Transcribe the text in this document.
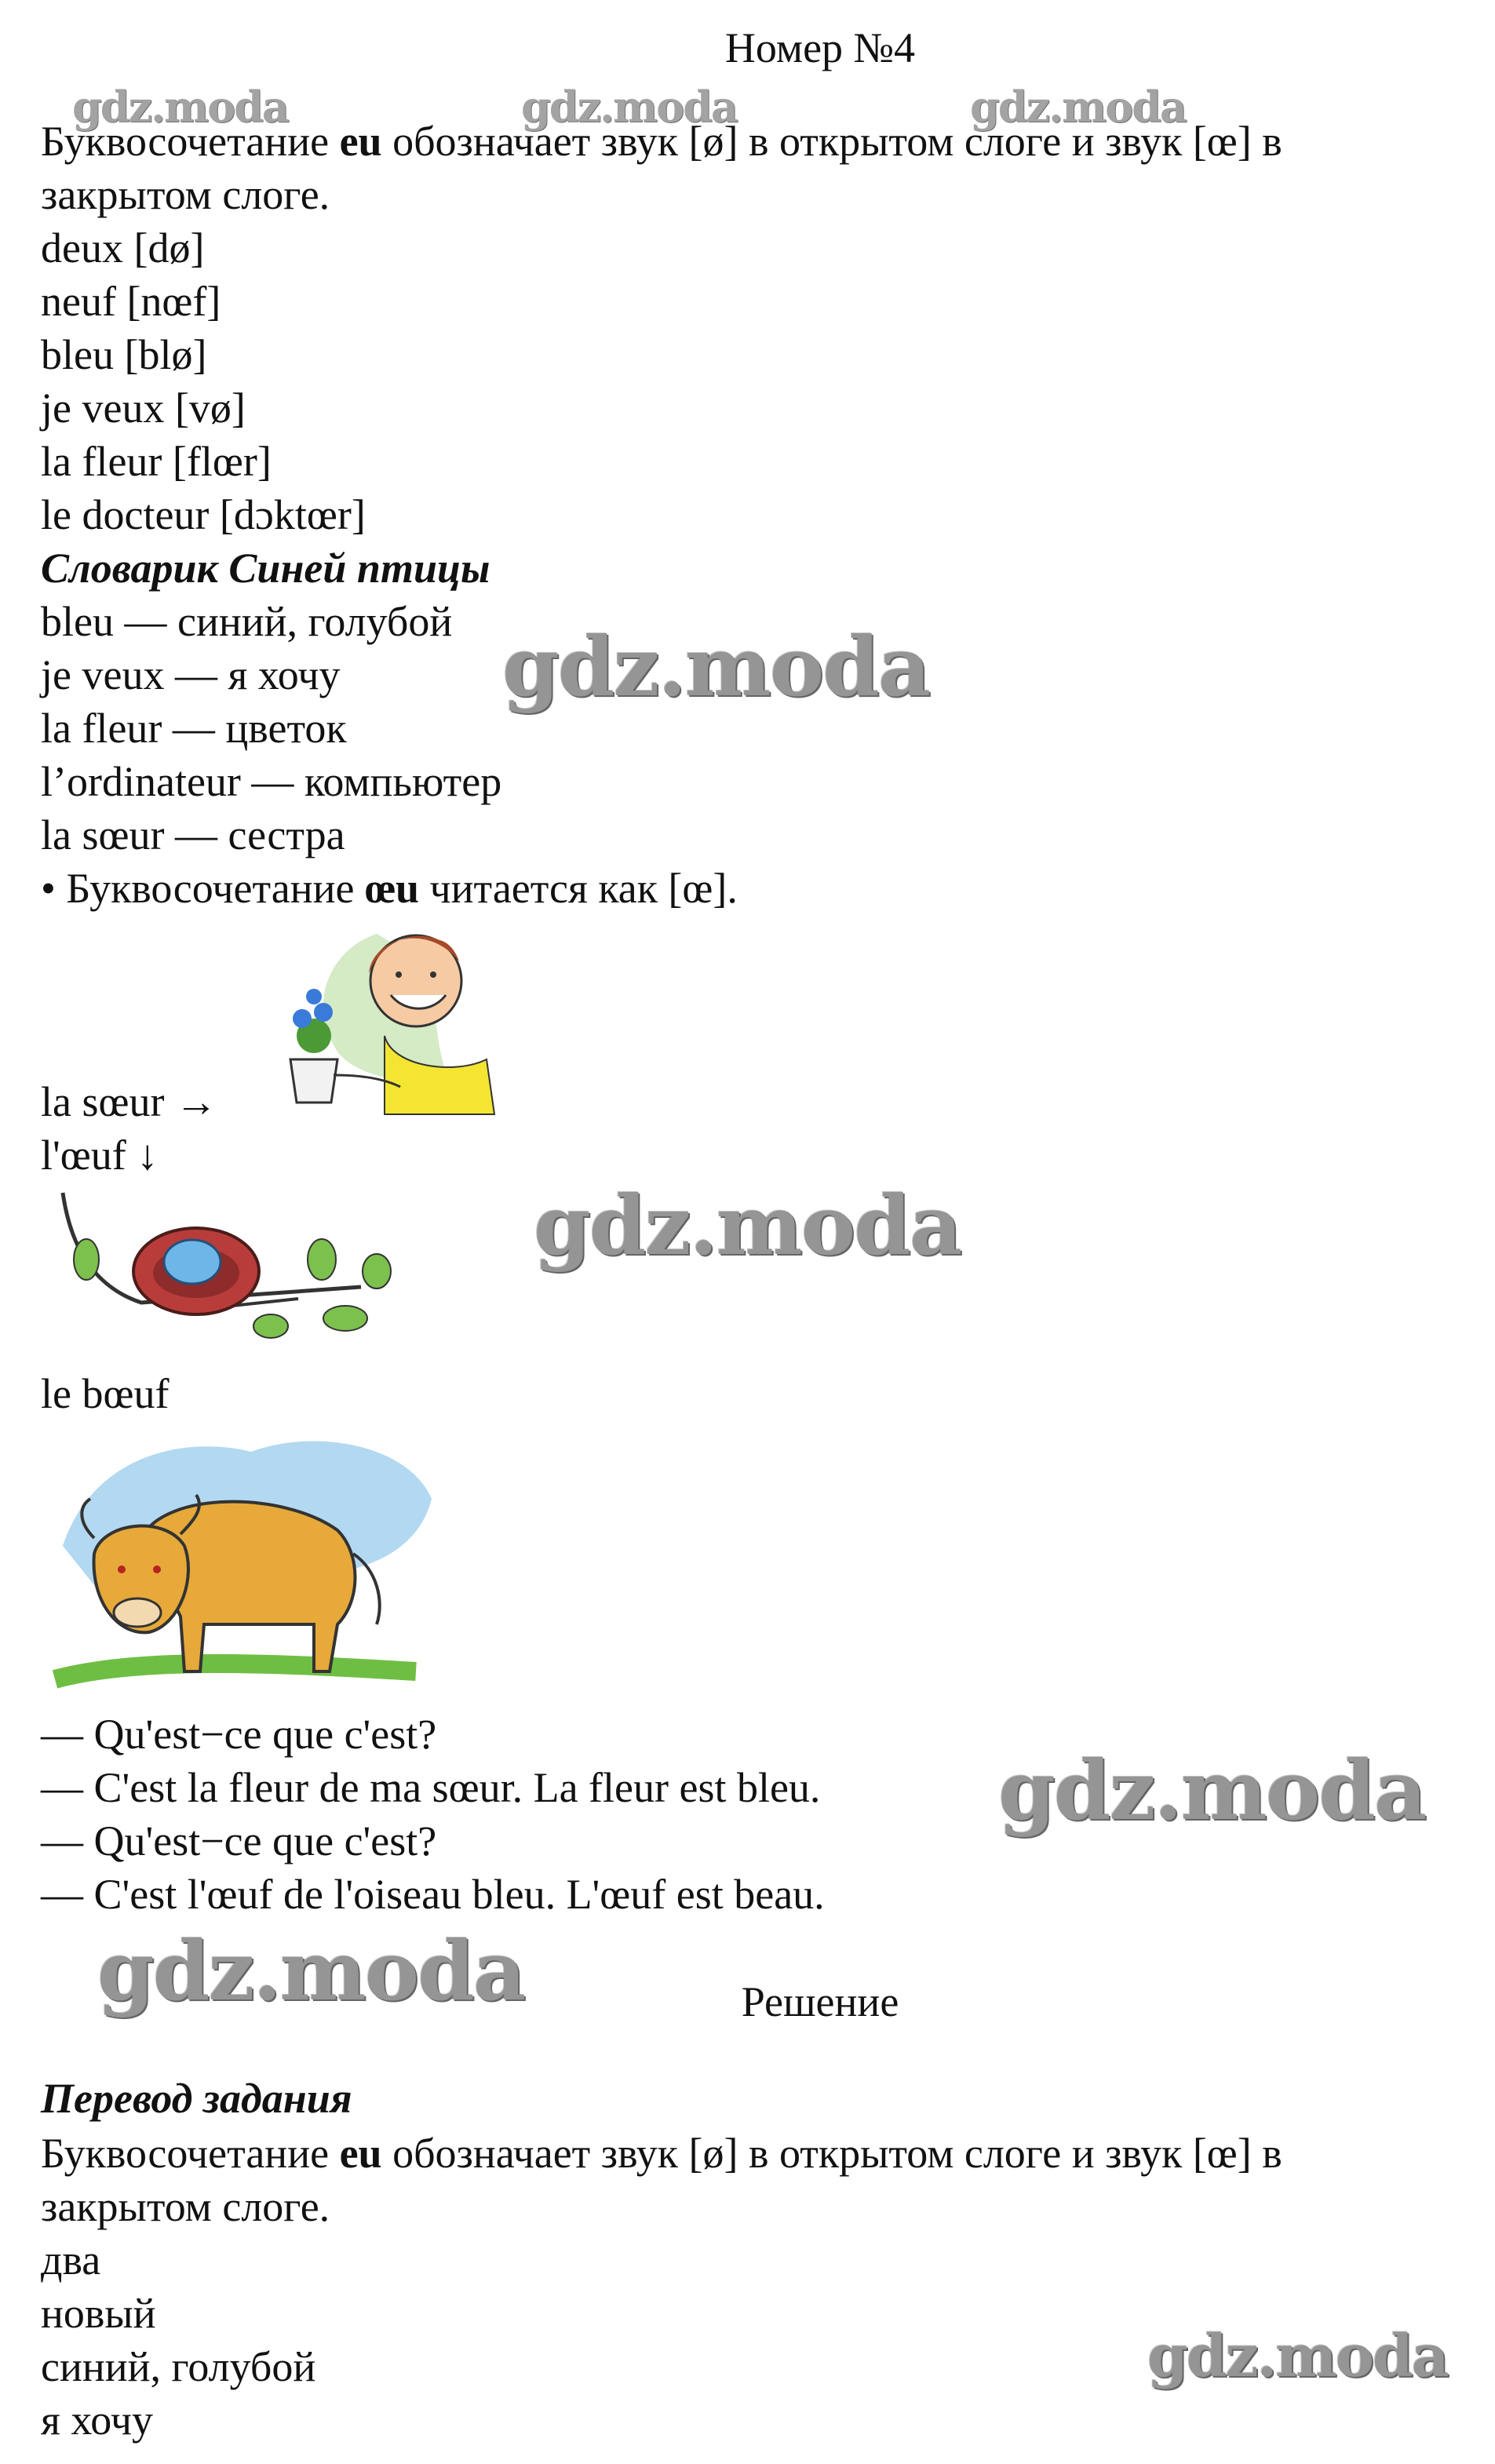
Номер №4
gdz.moda	gdz.moda	gdz.moda
Буквосочетание eu обозначает звук [ø] в открытом слоге и звук [œ] в закрытом слоге.
deux [dø]
neuf [nœf]
bleu [blø]
je veux [vø]
la fleur [flœr]
le docteur [dɔktœr]
Словарик Синей птицы
bleu — синий, голубой
je veux — я хочу
la fleur — цветок
l’ordinateur — компьютер
la sœur — сестра
gdz.moda
• Буквосочетание œu читается как [œ].
la sœur →
l'œuf ↓
gdz.moda
le bœuf
— Qu'est−ce que c'est?
— C'est la fleur de ma sœur. La fleur est bleu.
— Qu'est−ce que c'est?
— C'est l'œuf de l'oiseau bleu. L'œuf est beau.
gdz.moda
gdz.moda	Решение
Перевод задания
Буквосочетание eu обозначает звук [ø] в открытом слоге и звук [œ] в закрытом слоге.
два
новый
синий, голубой
я хочу
gdz.moda
